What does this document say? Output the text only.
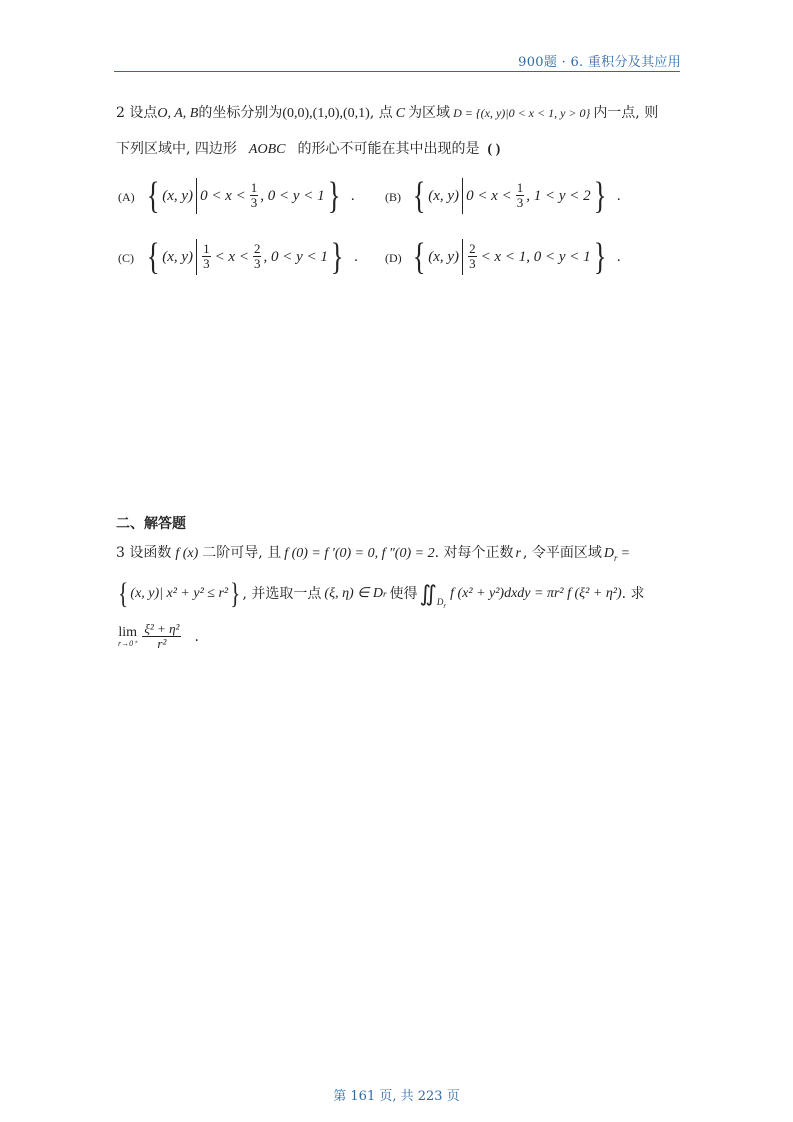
900题 · 6. 重积分及其应用
2 设点O, A, B的坐标分别为(0,0),(1,0),(0,1), 点 C 为区域 D = {(x, y)|0 < x < 1, y > 0} 内一点, 则
下列区域中, 四边形 AOBC 的形心不可能在其中出现的是 ( )
(A) { (x, y) $0 < x < \frac{1}{3}$ , 0 < y < 1 } .	(B) { (x, y) $0 < x < \frac{1}{3}$ , 1 < y < 2 } .
(C) { (x, $y) \frac{1}{3} < x < \frac{2}{3}$ , 0 < y < 1 } . (D) { (x, $y) \frac{2}{3} < x < 1$, 0 < y < 1 } .
二、解答题
3 设函数 f (x) 二阶可导, 且 f (0) = f ′(0) = 0, f ″(0) = 2. 对每个正数 r , 令平面区域 $D_r$ =
{ (x, y)| x² + y² ≤ r² } , 并选取一点 (ξ, η) ∈ D r 使得 ∬ $D_r$
f (x² + y²)dxdy = πr² f (ξ² + η²) . 求
lim
$r\to 0^+ \frac{\text{ξ² + η²}}{\text{r²}}$ .
第 161 页, 共 223 页
